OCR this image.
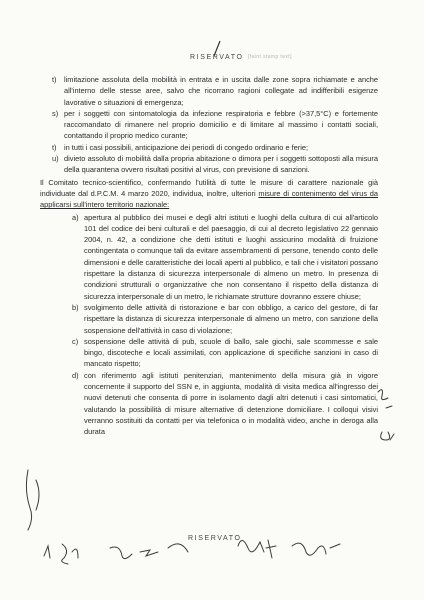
RISERVATO [faint stamp text]
t)	limitazione assoluta della mobilità in entrata e in uscita dalle zone sopra richiamate e anche all'interno delle stesse aree, salvo che ricorrano ragioni collegate ad indifferibili esigenze lavorative o situazioni di emergenza;
s) per i soggetti con sintomatologia da infezione respiratoria e febbre (>37,5°C) e fortemente raccomandato di rimanere nel proprio domicilio e di limitare al massimo i contatti sociali, contattando il proprio medico curante;
t)	in tutti i casi possibili, anticipazione dei periodi di congedo ordinario e ferie;
u) divieto assoluto di mobilità dalla propria abitazione o dimora per i soggetti sottoposti alla misura della quarantena ovvero risultati positivi al virus, con previsione di sanzioni.

Il Comitato tecnico-scientifico, confermando l'utilità di tutte le misure di carattere nazionale già individuate dal d.P.C.M. 4 marzo 2020, individua, inoltre, ulteriori misure di contenimento del virus da applicarsi sull'intero territorio nazionale:

a) apertura al pubblico dei musei e degli altri istituti e luoghi della cultura di cui all'articolo 101 del codice dei beni culturali e del paesaggio, di cui al decreto legislativo 22 gennaio 2004, n. 42, a condizione che detti istituti e luoghi assicurino modalità di fruizione contingentata o comunque tali da evitare assembramenti di persone, tenendo conto delle dimensioni e delle caratteristiche dei locali aperti al pubblico, e tali che i visitatori possano rispettare la distanza di sicurezza interpersonale di almeno un metro. In presenza di condizioni strutturali o organizzative che non consentano il rispetto della distanza di sicurezza interpersonale di un metro, le richiamate strutture dovranno essere chiuse;
b) svolgimento delle attività di ristorazione e bar con obbligo, a carico del gestore, di far rispettare la distanza di sicurezza interpersonale di almeno un metro, con sanzione della sospensione dell'attività in caso di violazione;
c) sospensione delle attività di pub, scuole di ballo, sale giochi, sale scommesse e sale bingo, discoteche e locali assimilati, con applicazione di specifiche sanzioni in caso di mancato rispetto;
d) con riferimento agli istituti penitenziari, mantenimento della misura già in vigore concernente il supporto del SSN e, in aggiunta, modalità di visita medica all'ingresso dei nuovi detenuti che consenta di porre in isolamento dagli altri detenuti i casi sintomatici, valutando la possibilità di misure alternative di detenzione domiciliare. I colloqui visivi verranno sostituiti da contatti per via telefonica o in modalità video, anche in deroga alla durata
RISERVATO
